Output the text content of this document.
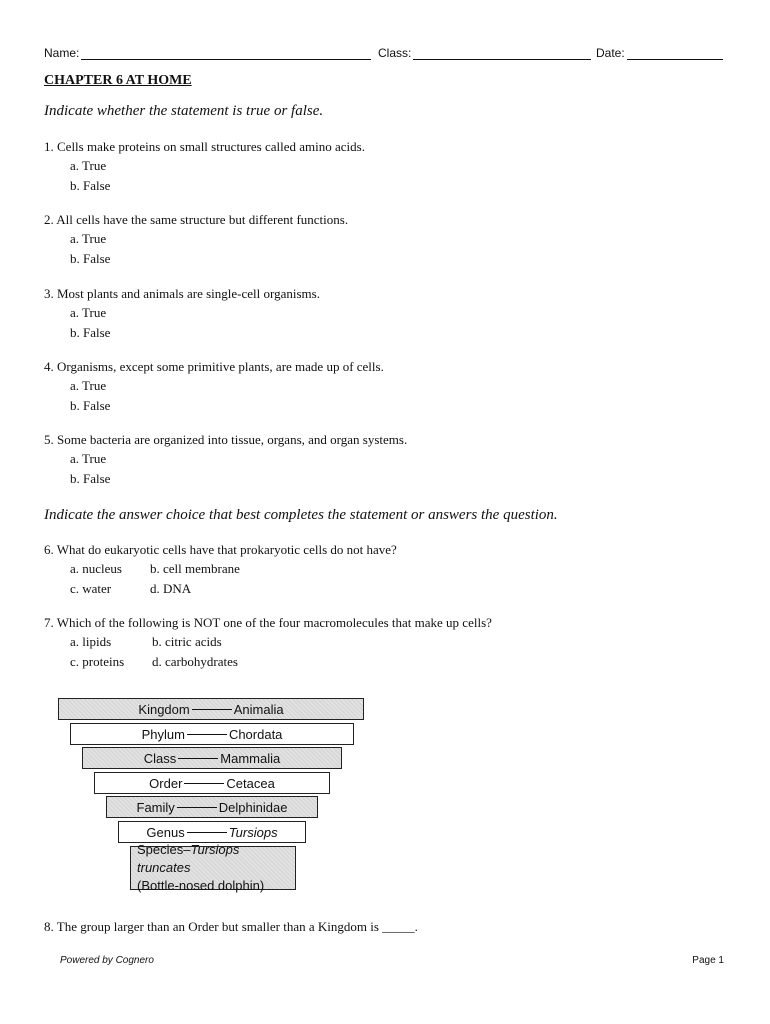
Name:	Class:	Date:
CHAPTER 6 AT HOME
Indicate whether the statement is true or false.
1. Cells make proteins on small structures called amino acids.
a. True
b. False
2. All cells have the same structure but different functions.
a. True
b. False
3. Most plants and animals are single-cell organisms.
a. True
b. False
4. Organisms, except some primitive plants, are made up of cells.
a. True
b. False
5. Some bacteria are organized into tissue, organs, and organ systems.
a. True
b. False
Indicate the answer choice that best completes the statement or answers the question.
6. What do eukaryotic cells have that prokaryotic cells do not have?
a. nucleus	b. cell membrane
c. water	d. DNA
7. Which of the following is NOT one of the four macromolecules that make up cells?
a. lipids	b. citric acids
c. proteins	d. carbohydrates
Kingdom	Animalia
Phylum	Chordata
Class	Mammalia
Order	Cetacea
Family	Delphinidae
Genus	Tursiops
Species–Tursiops truncates
(Bottle-nosed dolphin)
8. The group larger than an Order but smaller than a Kingdom is _____.
Powered by Cognero	Page 1
